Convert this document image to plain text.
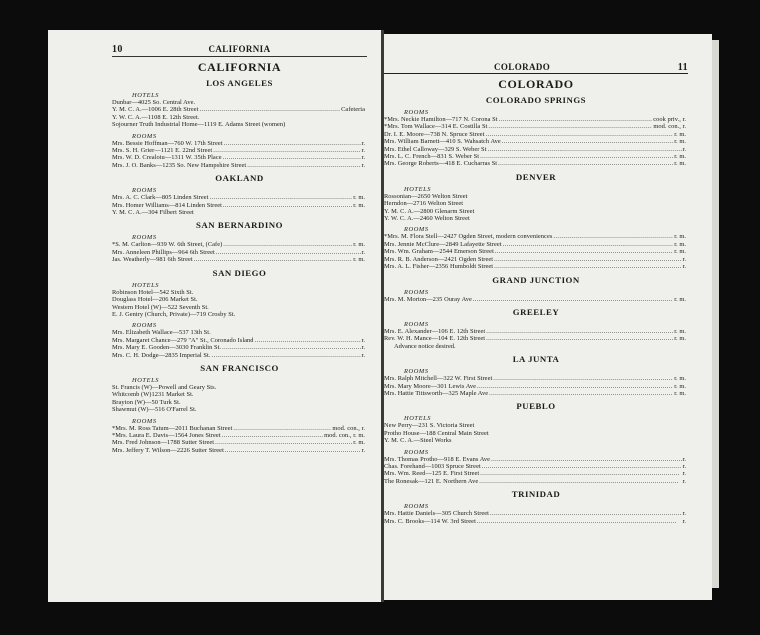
10	CALIFORNIA
CALIFORNIA
LOS ANGELES
HOTELS
Dunbar—4025 So. Central Ave.
Y. M. C. A.—1006 E. 28th Street . . .	Cafeteria
Y. W. C. A.—1108 E. 12th Street.
Sojourner Truth Industrial Home—1119 E. Adams Street (women)
ROOMS
Mrs. Bessie Hoffman—760 W. 17th Street . . .	r.
Mrs. S. H. Grier—1121 E. 22nd Street . . .	r.
Mrs. W. D. Crealoiu—1311 W. 35th Place . . .	r.
Mrs. J. O. Banks—1235 So. New Hampshire Street . . .	r.
OAKLAND
ROOMS
Mrs. A. C. Clark—805 Linden Street . . .	r. m.
Mrs. Homer Williams—814 Linden Street . . .	r. m.
Y. M. C. A.—304 Filbert Street
SAN BERNARDINO
ROOMS
*S. M. Carlton—939 W. 6th Street, (Cafe) . . .	r. m.
Mrs. Anneleen Phillips—964 6th Street . . .	r.
Jas. Weatherly—981 6th Street . . .	r. m.
SAN DIEGO
HOTELS
Robinson Hotel—542 Sixth St.
Douglass Hotel—206 Market St.
Western Hotel (W)—522 Seventh St.
E. J. Gentry (Church, Private)—719 Crosby St.
ROOMS
Mrs. Elizabeth Wallace—537 13th St.
Mrs. Margaret Chance—279 "A" St., Coronado Island . . .	r.
Mrs. Mary E. Gooden—3030 Franklin St. . . .	r.
Mrs. C. H. Dodge—2835 Imperial St. . . .	r.
SAN FRANCISCO
HOTELS
St. Francis (W)—Powell and Geary Sts.
Whitcomb (W)1231 Market St.
Brayton (W)—50 Turk St.
Shawmut (W)—516 O'Farrel St.
ROOMS
*Mrs. M. Ross Tatum—2011 Buchanan Street . . .	mod. con., r.
*Mrs. Laura E. Davis—1564 Jones Street . . .	mod. con., r. m.
Mrs. Fred Johnson—1788 Sutter Street . . .	r. m.
Mrs. Jeffery T. Wilson—2226 Sutter Street . . .	r.
COLORADO	11
COLORADO
COLORADO SPRINGS
ROOMS
*Mrs. Neckie Hamilton—717 N. Corona St . . .	cook priv., r.
*Mrs. Tom Wallace—314 E. Costilla St . . .	mod. con., r.
Dr. I. E. Moore—738 N. Spruce Street . . .	r. m.
Mrs. William Barnett—410 S. Wahsatch Ave . . .	r. m.
Mrs. Ethel Calloway—329 S. Weber St . . .	r.
Mrs. L. C. French—831 S. Weber St . . .	r. m.
Mrs. George Roberts—418 E. Cucharras St . . .	r. m.
DENVER
HOTELS
Rossonian—2650 Welton Street
Herndon—2716 Welton Street
Y. M. C. A.—2800 Glenarm Street
Y. W. C. A.—2460 Welton Street
ROOMS
*Mrs. M. Flora Stell—2427 Ogden Street, modern conveniences . . .	r. m.
Mrs. Jennie McClure—2849 Lafayette Street . . .	r. m.
Mrs. Wm. Graham—2544 Emerson Street . . .	r. m.
Mrs. R. B. Anderson—2421 Ogden Street . . .	r.
Mrs. A. L. Fisher—2356 Humboldt Street . . .	r.
GRAND JUNCTION
ROOMS
Mrs. M. Morton—235 Ouray Ave . . .	r. m.
GREELEY
ROOMS
Mrs. E. Alexander—106 E. 12th Street . . .	r. m.
Rev. W. H. Mance—104 E. 12th Street . . .	r. m.
Advance notice desired.
LA JUNTA
ROOMS
Mrs. Ralph Mitchell—322 W. First Street . . .	r. m.
Mrs. Mary Moore—301 Lewis Ave . . .	r. m.
Mrs. Hattie Tittsworth—325 Maple Ave . . .	r. m.
PUEBLO
HOTELS
New Perry—231 S. Victoria Street
Protho House—188 Central Main Street
Y. M. C. A.—Steel Works
ROOMS
Mrs. Thomas Protho—918 E. Evans Ave . . .	r.
Chas. Forehand—1003 Spruce Street . . .	r.
Mrs. Wm. Reed—125 E. First Street . . .	r.
The Ronesak—121 E. Northern Ave . . .	r.
TRINIDAD
ROOMS
Mrs. Hattie Daniels—305 Church Street . . .	r.
Mrs. C. Brooks—114 W. 3rd Street . . .	r.
